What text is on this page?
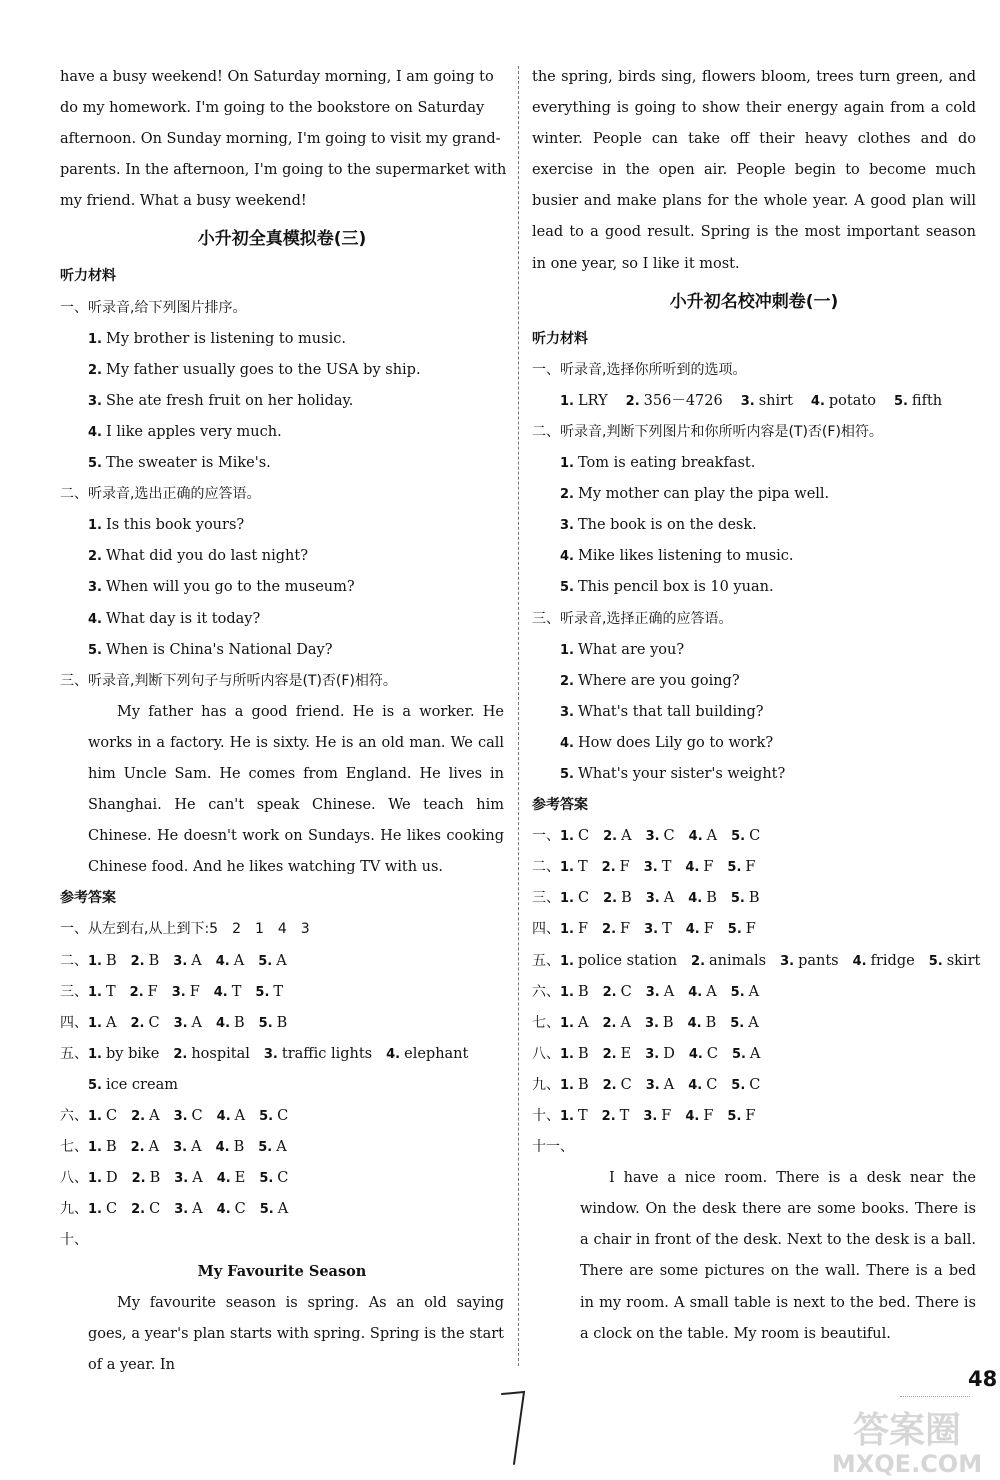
have a busy weekend! On Saturday morning, I am going to
do my homework. I'm going to the bookstore on Saturday
afternoon. On Sunday morning, I'm going to visit my grand-
parents. In the afternoon, I'm going to the supermarket with
my friend. What a busy weekend!
小升初全真模拟卷(三)
听力材料
一、听录音,给下列图片排序。
1. My brother is listening to music.
2. My father usually goes to the USA by ship.
3. She ate fresh fruit on her holiday.
4. I like apples very much.
5. The sweater is Mike's.
二、听录音,选出正确的应答语。
1. Is this book yours?
2. What did you do last night?
3. When will you go to the museum?
4. What day is it today?
5. When is China's National Day?
三、听录音,判断下列句子与所听内容是(T)否(F)相符。
My father has a good friend. He is a worker. He works in a factory. He is sixty. He is an old man. We call him Uncle Sam. He comes from England. He lives in Shanghai. He can't speak Chinese. We teach him Chinese. He doesn't work on Sundays. He likes cooking Chinese food. And he likes watching TV with us.
参考答案
一、从左到右,从上到下:5　2　1　4　3
二、1. B 2. B 3. A 4. A 5. A
三、1. T 2. F 3. F 4. T 5. T
四、1. A 2. C 3. A 4. B 5. B
五、1. by bike 2. hospital 3. traffic lights 4. elephant
5. ice cream
六、1. C 2. A 3. C 4. A 5. C
七、1. B 2. A 3. A 4. B 5. A
八、1. D 2. B 3. A 4. E 5. C
九、1. C 2. C 3. A 4. C 5. A
十、
My Favourite Season
My favourite season is spring. As an old saying goes, a year's plan starts with spring. Spring is the start of a year. In
the spring, birds sing, flowers bloom, trees turn green, and everything is going to show their energy again from a cold winter. People can take off their heavy clothes and do exercise in the open air. People begin to become much busier and make plans for the whole year. A good plan will lead to a good result. Spring is the most important season in one year, so I like it most.
小升初名校冲刺卷(一)
听力材料
一、听录音,选择你所听到的选项。
1. LRY 2. 356－4726 3. shirt 4. potato 5. fifth
二、听录音,判断下列图片和你所听内容是(T)否(F)相符。
1. Tom is eating breakfast.
2. My mother can play the pipa well.
3. The book is on the desk.
4. Mike likes listening to music.
5. This pencil box is 10 yuan.
三、听录音,选择正确的应答语。
1. What are you?
2. Where are you going?
3. What's that tall building?
4. How does Lily go to work?
5. What's your sister's weight?
参考答案
一、1. C 2. A 3. C 4. A 5. C
二、1. T 2. F 3. T 4. F 5. F
三、1. C 2. B 3. A 4. B 5. B
四、1. F 2. F 3. T 4. F 5. F
五、1. police station 2. animals 3. pants 4. fridge 5. skirt
六、1. B 2. C 3. A 4. A 5. A
七、1. A 2. A 3. B 4. B 5. A
八、1. B 2. E 3. D 4. C 5. A
九、1. B 2. C 3. A 4. C 5. C
十、1. T 2. T 3. F 4. F 5. F
十一、
I have a nice room. There is a desk near the window. On the desk there are some books. There is a chair in front of the desk. Next to the desk is a ball. There are some pictures on the wall. There is a bed in my room. A small table is next to the bed. There is a clock on the table. My room is beautiful.
48
答案圈
MXQE.COM
